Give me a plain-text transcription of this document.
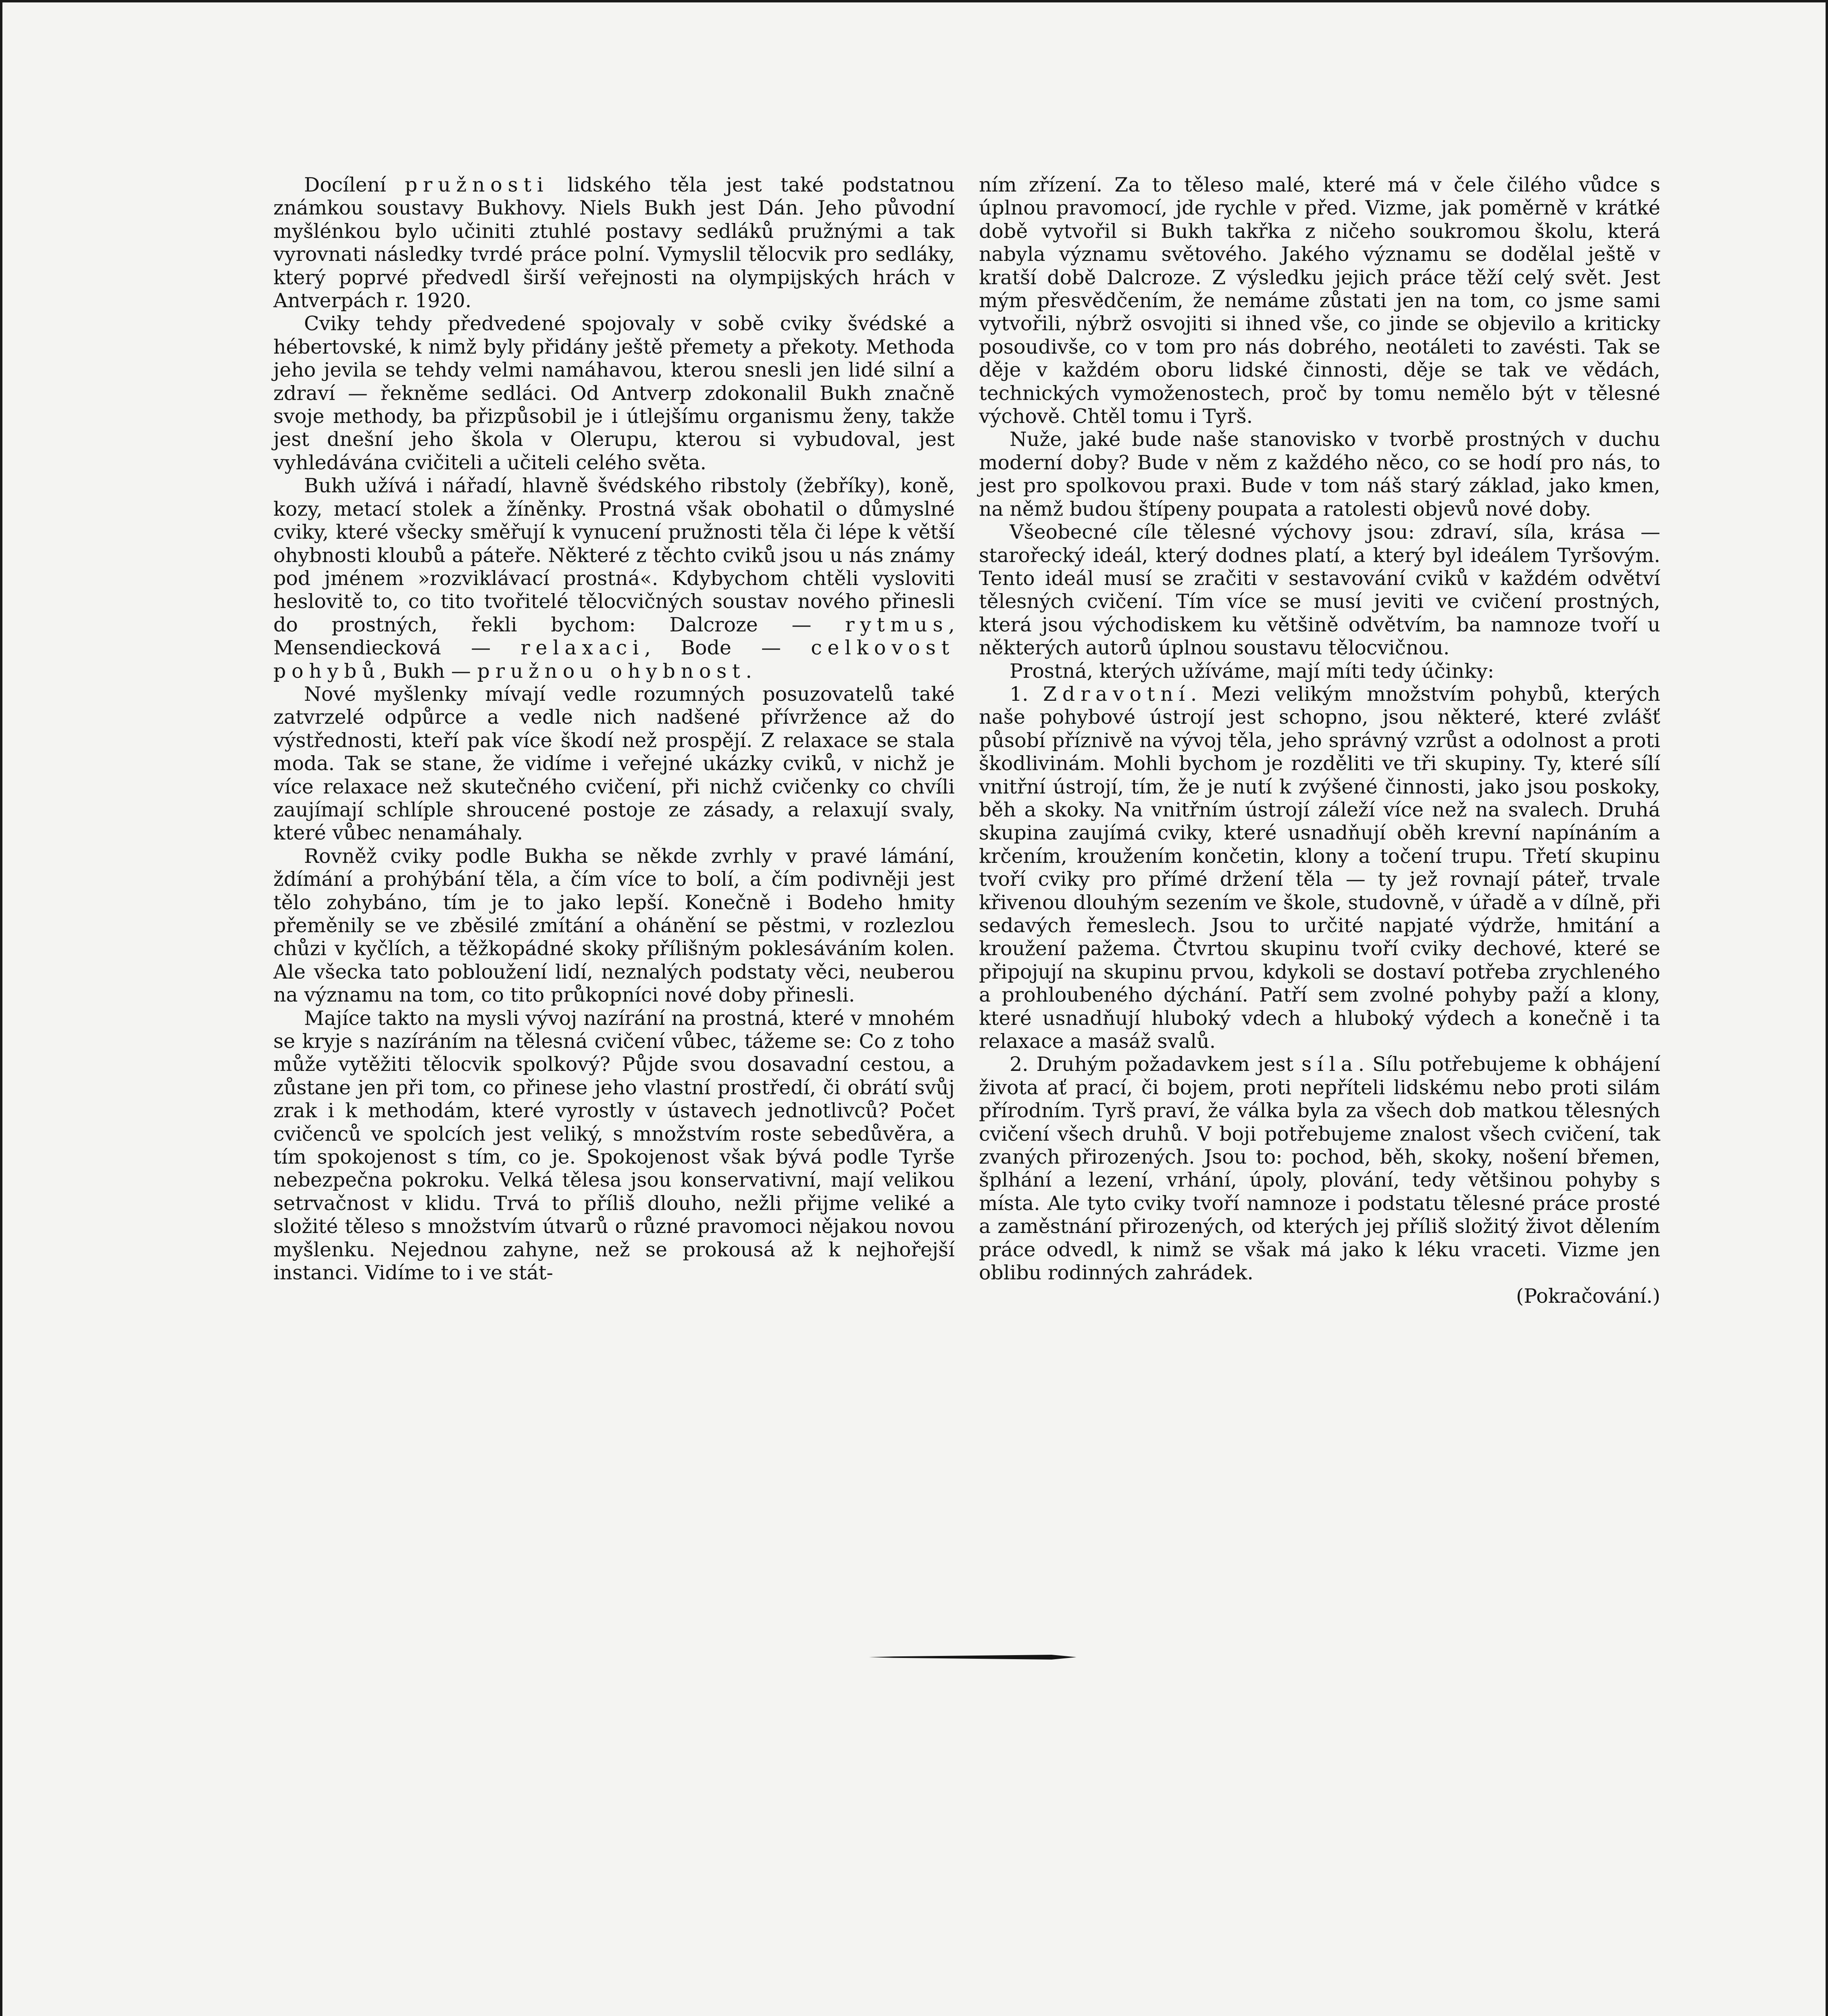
Docílení pružnosti lidského těla jest také podstatnou známkou soustavy Bukhovy. Niels Bukh jest Dán. Jeho původní myšlénkou bylo učiniti ztuhlé postavy sedláků pružnými a tak vyrovnati následky tvrdé práce polní. Vymyslil tělocvik pro sedláky, který poprvé předvedl širší veřejnosti na olympijských hrách v Antverpách r. 1920.

Cviky tehdy předvedené spojovaly v sobě cviky švédské a hébertovské, k nimž byly přidány ještě přemety a překoty. Methoda jeho jevila se tehdy velmi namáhavou, kterou snesli jen lidé silní a zdraví — řekněme sedláci. Od Antverp zdokonalil Bukh značně svoje methody, ba přizpůsobil je i útlejšímu organismu ženy, takže jest dnešní jeho škola v Olerupu, kterou si vybudoval, jest vyhledávána cvičiteli a učiteli celého světa.

Bukh užívá i nářadí, hlavně švédského ribstoly (žebříky), koně, kozy, metací stolek a žíněnky. Prostná však obohatil o důmyslné cviky, které všecky směřují k vynucení pružnosti těla či lépe k větší ohybnosti kloubů a páteře. Některé z těchto cviků jsou u nás známy pod jménem »rozviklávací prostná«. Kdybychom chtěli vysloviti heslovitě to, co tito tvořitelé tělocvičných soustav nového přinesli do prostných, řekli bychom: Dalcroze — rytmus, Mensendiecková — relaxaci, Bode — celkovost pohybů, Bukh — pružnou ohybnost.

Nové myšlenky mívají vedle rozumných posuzovatelů také zatvrzelé odpůrce a vedle nich nadšené přívržence až do výstřednosti, kteří pak více škodí než prospějí. Z relaxace se stala moda. Tak se stane, že vidíme i veřejné ukázky cviků, v nichž je více relaxace než skutečného cvičení, při nichž cvičenky co chvíli zaujímají schlíple shroucené postoje ze zásady, a relaxují svaly, které vůbec nenamáhaly.

Rovněž cviky podle Bukha se někde zvrhly v pravé lámání, ždímání a prohýbání těla, a čím více to bolí, a čím podivněji jest tělo zohybáno, tím je to jako lepší. Konečně i Bodeho hmity přeměnily se ve zběsilé zmítání a ohánění se pěstmi, v rozlezlou chůzi v kyčlích, a těžkopádné skoky přílišným poklesáváním kolen. Ale všecka tato pobloužení lidí, neznalých podstaty věci, neuberou na významu na tom, co tito průkopníci nové doby přinesli.

Majíce takto na mysli vývoj nazírání na prostná, které v mnohém se kryje s nazíráním na tělesná cvičení vůbec, tážeme se: Co z toho může vytěžiti tělocvik spolkový? Půjde svou dosavadní cestou, a zůstane jen při tom, co přinese jeho vlastní prostředí, či obrátí svůj zrak i k methodám, které vyrostly v ústavech jednotlivců? Počet cvičenců ve spolcích jest veliký, s množstvím roste sebedůvěra, a tím spokojenost s tím, co je. Spokojenost však bývá podle Tyrše nebezpečna pokroku. Velká tělesa jsou konservativní, mají velikou setrvačnost v klidu. Trvá to příliš dlouho, nežli přijme veliké a složité těleso s množstvím útvarů o různé pravomoci nějakou novou myšlenku. Nejednou zahyne, než se prokousá až k nejhořejší instanci. Vidíme to i ve stát-

ním zřízení. Za to těleso malé, které má v čele čilého vůdce s úplnou pravomocí, jde rychle v před. Vizme, jak poměrně v krátké době vytvořil si Bukh takřka z ničeho soukromou školu, která nabyla významu světového. Jakého významu se dodělal ještě v kratší době Dalcroze. Z výsledku jejich práce těží celý svět. Jest mým přesvědčením, že nemáme zůstati jen na tom, co jsme sami vytvořili, nýbrž osvojiti si ihned vše, co jinde se objevilo a kriticky posoudivše, co v tom pro nás dobrého, neotáleti to zavésti. Tak se děje v každém oboru lidské činnosti, děje se tak ve vědách, technických vymoženostech, proč by tomu nemělo být v tělesné výchově. Chtěl tomu i Tyrš.

Nuže, jaké bude naše stanovisko v tvorbě prostných v duchu moderní doby? Bude v něm z každého něco, co se hodí pro nás, to jest pro spolkovou praxi. Bude v tom náš starý základ, jako kmen, na němž budou štípeny poupata a ratolesti objevů nové doby.

Všeobecné cíle tělesné výchovy jsou: zdraví, síla, krása — starořecký ideál, který dodnes platí, a který byl ideálem Tyršovým. Tento ideál musí se zračiti v sestavování cviků v každém odvětví tělesných cvičení. Tím více se musí jeviti ve cvičení prostných, která jsou východiskem ku většině odvětvím, ba namnoze tvoří u některých autorů úplnou soustavu tělocvičnou.

Prostná, kterých užíváme, mají míti tedy účinky:

1. Zdravotní. Mezi velikým množstvím pohybů, kterých naše pohybové ústrojí jest schopno, jsou některé, které zvlášť působí příznivě na vývoj těla, jeho správný vzrůst a odolnost a proti škodlivinám. Mohli bychom je rozděliti ve tři skupiny. Ty, které sílí vnitřní ústrojí, tím, že je nutí k zvýšené činnosti, jako jsou poskoky, běh a skoky. Na vnitřním ústrojí záleží více než na svalech. Druhá skupina zaujímá cviky, které usnadňují oběh krevní napínáním a krčením, kroužením končetin, klony a točení trupu. Třetí skupinu tvoří cviky pro přímé držení těla — ty jež rovnají páteř, trvale křivenou dlouhým sezením ve škole, studovně, v úřadě a v dílně, při sedavých řemeslech. Jsou to určité napjaté výdrže, hmitání a kroužení pažema. Čtvrtou skupinu tvoří cviky dechové, které se připojují na skupinu prvou, kdykoli se dostaví potřeba zrychleného a prohloubeného dýchání. Patří sem zvolné pohyby paží a klony, které usnadňují hluboký vdech a hluboký výdech a konečně i ta relaxace a masáž svalů.

2. Druhým požadavkem jest síla. Sílu potřebujeme k obhájení života ať prací, či bojem, proti nepříteli lidskému nebo proti silám přírodním. Tyrš praví, že válka byla za všech dob matkou tělesných cvičení všech druhů. V boji potřebujeme znalost všech cvičení, tak zvaných přirozených. Jsou to: pochod, běh, skoky, nošení břemen, šplhání a lezení, vrhání, úpoly, plování, tedy většinou pohyby s místa. Ale tyto cviky tvoří namnoze i podstatu tělesné práce prosté a zaměstnání přirozených, od kterých jej příliš složitý život dělením práce odvedl, k nimž se však má jako k léku vraceti. Vizme jen oblibu rodinných zahrádek.

(Pokračování.)
